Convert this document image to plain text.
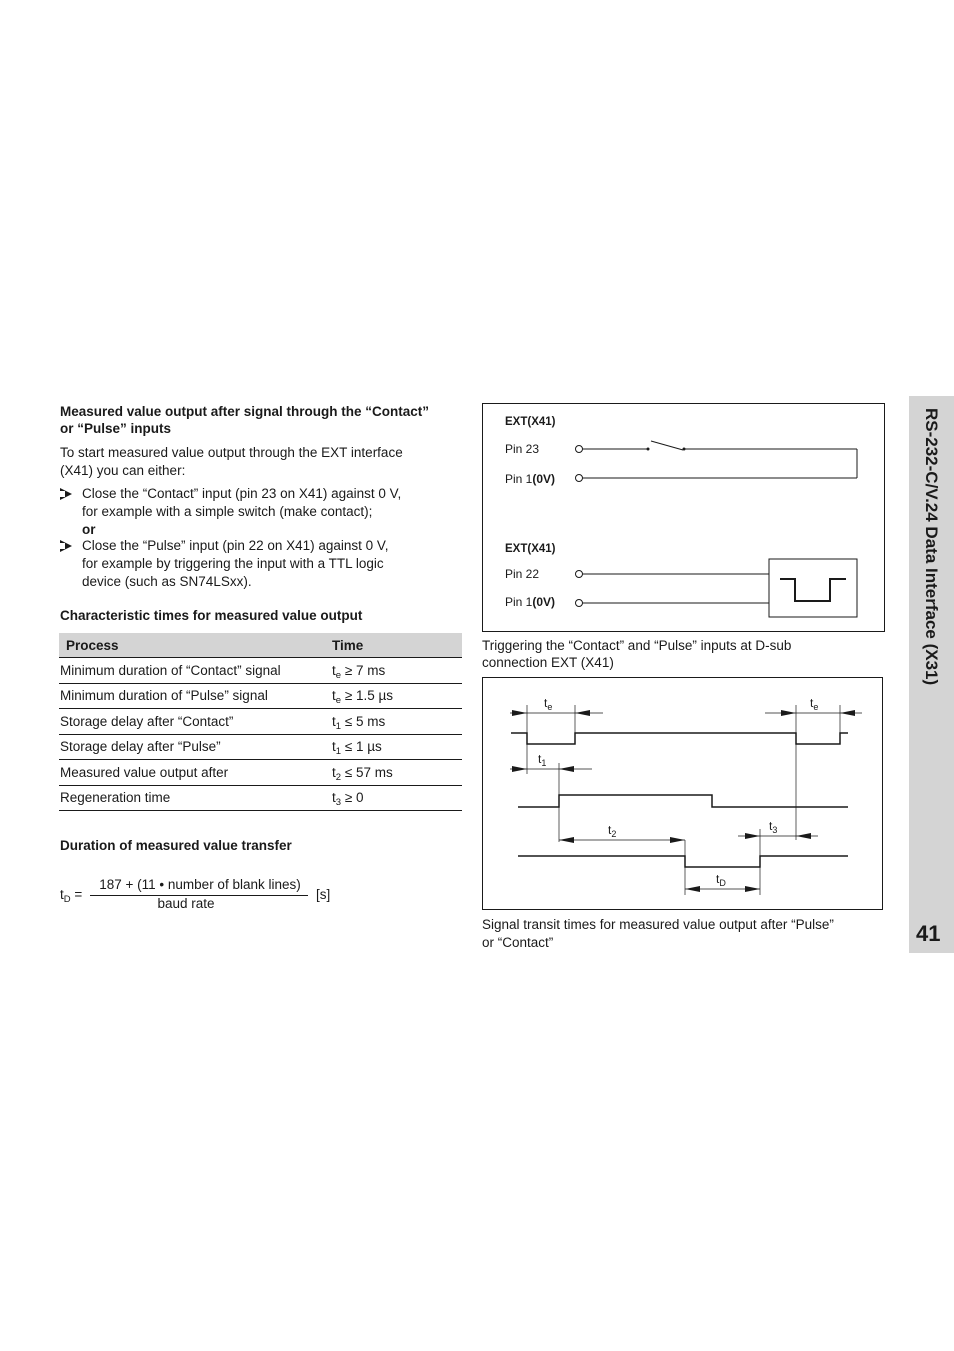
Measured value output after signal through the “Contact”
or “Pulse” inputs
To start measured value output through the EXT interface
(X41) you can either:
Close the “Contact” input (pin 23 on X41) against 0 V,
for example with a simple switch (make contact);
or
Close the “Pulse” input (pin 22 on X41) against 0 V,
for example by triggering the input with a TTL logic
device (such as SN74LSxx).
Characteristic times for measured value output
Process	Time
Minimum duration of “Contact” signal	$t_e \ge 7$ ms
Minimum duration of “Pulse” signal	$t_e \ge 1.5$ µs
Storage delay after “Contact”	$t_1 \le 5$ ms
Storage delay after “Pulse”	$t_1 \le 1$ µs
Measured value output after	$t_2 \le 57$ ms
Regeneration time	$t_3 \ge 0$
Duration of measured value transfer
$t_D$ =
187 + (11 • number of blank lines)
baud rate
[s]
EXT(X41)
Pin 23
Pin 1(0V)
EXT(X41)
Pin 22
Pin 1(0V)
Triggering the “Contact” and “Pulse” inputs at D-sub
connection EXT (X41)
$t_e$	$t_e$
$t_1$
$t_2$
$t_3$
$t_D$
Signal transit times for measured value output after “Pulse”
or “Contact”
RS-232-C/V.24 Data Interface (X31)
41
